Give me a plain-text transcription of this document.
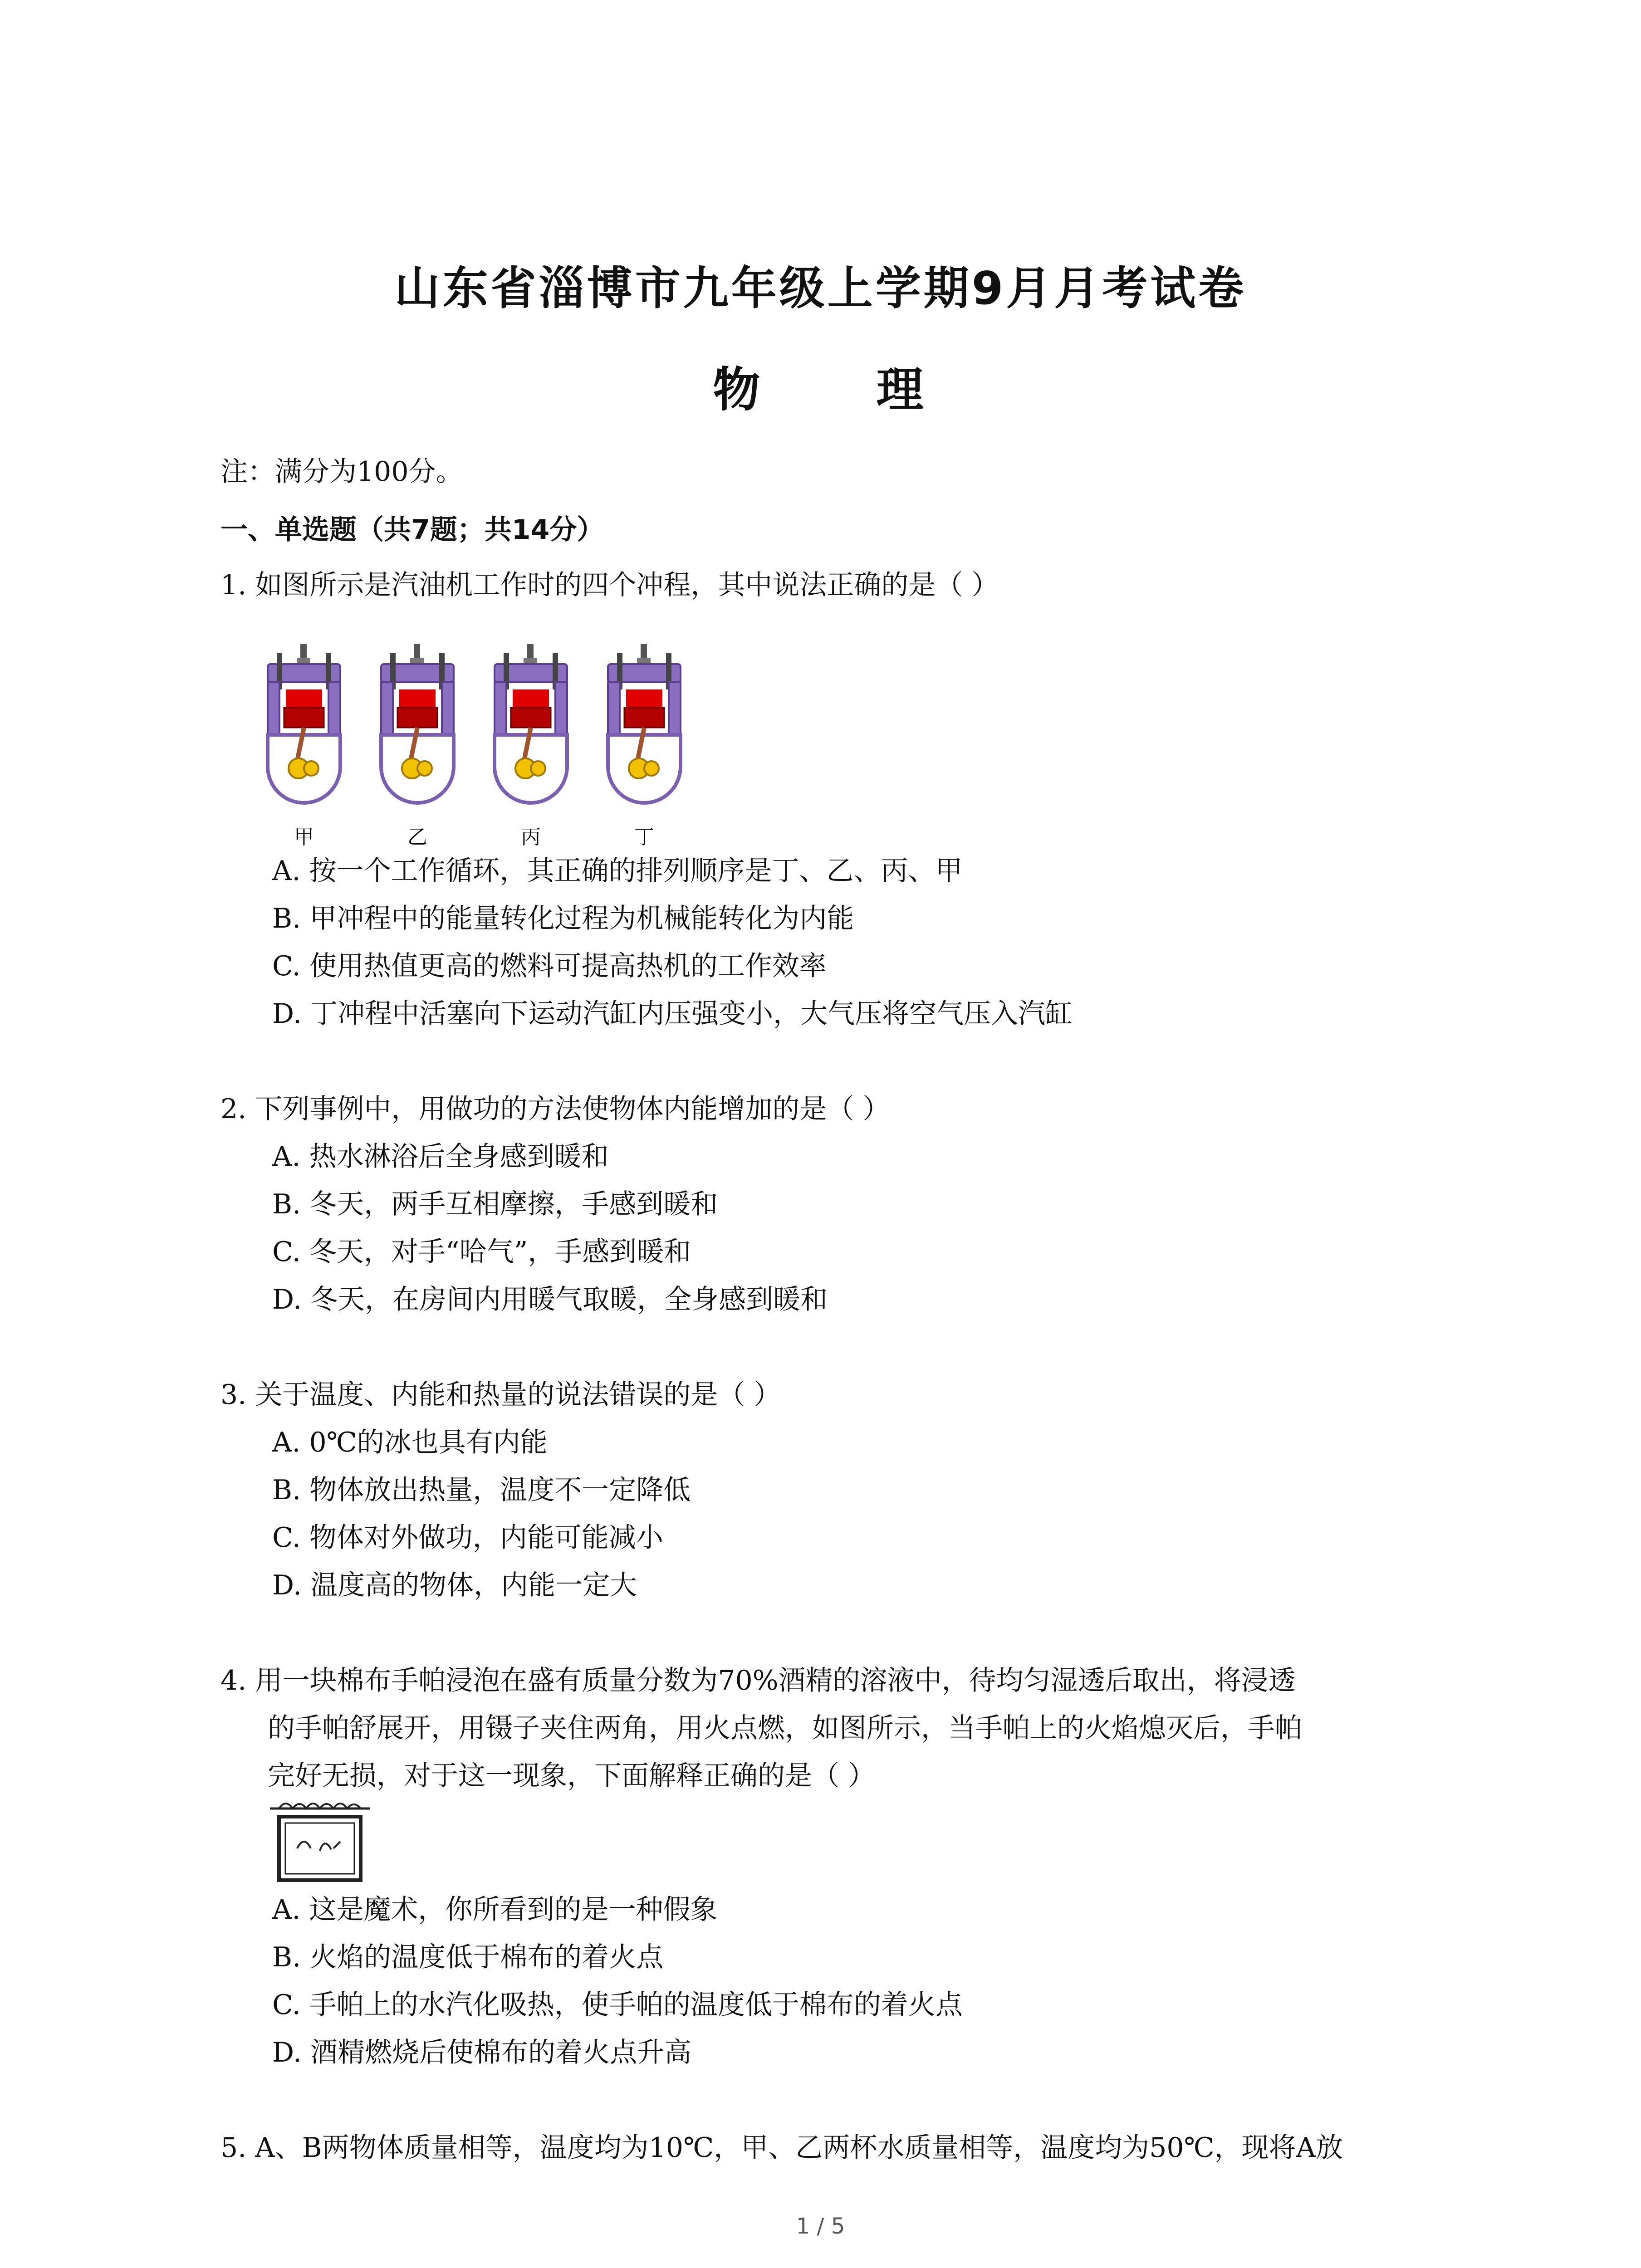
山东省淄博市九年级上学期9月月考试卷
物 理
注：满分为100分。
一、单选题（共7题；共14分）
1. 如图所示是汽油机工作时的四个冲程，其中说法正确的是（ ）
甲	乙	丙	丁
A. 按一个工作循环，其正确的排列顺序是丁、乙、丙、甲
B. 甲冲程中的能量转化过程为机械能转化为内能
C. 使用热值更高的燃料可提高热机的工作效率
D. 丁冲程中活塞向下运动汽缸内压强变小，大气压将空气压入汽缸
2. 下列事例中，用做功的方法使物体内能增加的是（ ）
A. 热水淋浴后全身感到暖和
B. 冬天，两手互相摩擦，手感到暖和
C. 冬天，对手“哈气”，手感到暖和
D. 冬天，在房间内用暖气取暖，全身感到暖和
3. 关于温度、内能和热量的说法错误的是（ ）
A. 0℃的冰也具有内能
B. 物体放出热量，温度不一定降低
C. 物体对外做功，内能可能减小
D. 温度高的物体，内能一定大
4. 用一块棉布手帕浸泡在盛有质量分数为70%酒精的溶液中，待均匀湿透后取出，将浸透
的手帕舒展开，用镊子夹住两角，用火点燃，如图所示，当手帕上的火焰熄灭后，手帕
完好无损，对于这一现象，下面解释正确的是（ ）
A. 这是魔术，你所看到的是一种假象
B. 火焰的温度低于棉布的着火点
C. 手帕上的水汽化吸热，使手帕的温度低于棉布的着火点
D. 酒精燃烧后使棉布的着火点升高
5. A、B两物体质量相等，温度均为10℃，甲、乙两杯水质量相等，温度均为50℃，现将A放
1 / 5
